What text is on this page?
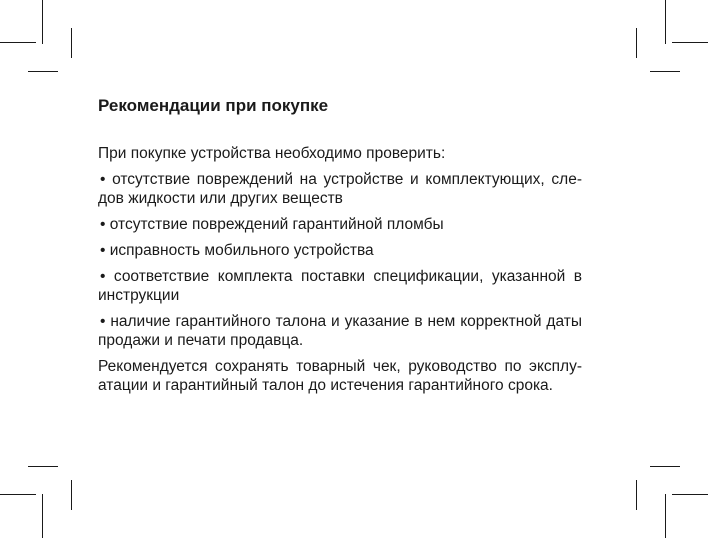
Рекомендации при покупке
При покупке устройства необходимо проверить:
• отсутствие повреждений на устройстве и комплектующих, сле-дов жидкости или других веществ
• отсутствие повреждений гарантийной пломбы
• исправность мобильного устройства
• соответствие комплекта поставки спецификации, указанной в инструкции
• наличие гарантийного талона и указание в нем корректной даты продажи и печати продавца.
Рекомендуется сохранять товарный чек, руководство по эксплу-атации и гарантийный талон до истечения гарантийного срока.
